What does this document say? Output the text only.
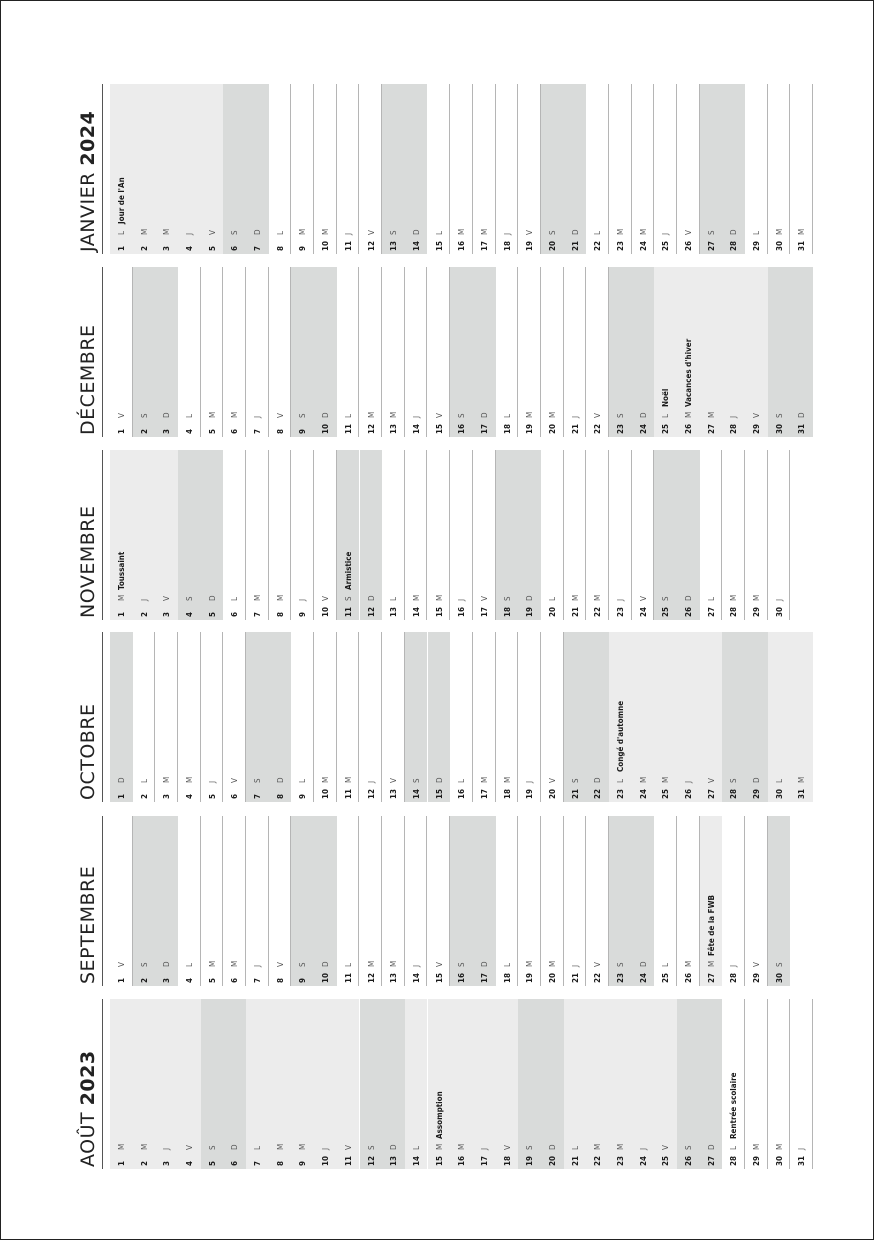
AOÛT 2023
1M
2M
3J
4V
5S
6D
7L
8M
9M
10J
11V
12S
13D
14L
15MAssomption
16M
17J
18V
19S
20D
21L
22M
23M
24J
25V
26S
27D
28LRentrée scolaire
29M
30M
31J
SEPTEMBRE 1V
2S
3D
4L
5M
6M
7J
8V
9S
10D
11L
12M
13M
14J
15V
16S
17D
18L
19M
20M
21J
22V
23S
24D
25L
26M
27MFête de la FWB
28J
29V
30S
OCTOBRE 1D
2L
3M
4M
5J
6V
7S
8D
9L
10M
11M
12J
13V
14S
15D
16L
17M
18M
19J
20V
21S
22D
23LCongé d'automne
24M
25M
26J
27V
28S
29D
30L
31M
NOVEMBRE 1MToussaint
2J
3V
4S
5D
6L
7M
8M
9J
10V
11SArmistice
12D
13L
14M
15M
16J
17V
18S
19D
20L
21M
22M
23J
24V
25S
26D
27L
28M
29M
30J
DÉCEMBRE 1V
2S
3D
4L
5M
6M
7J
8V
9S
10D
11L
12M
13M
14J
15V
16S
17D
18L
19M
20M
21J
22V
23S
24D
25LNoël
26MVacances d'hiver
27M
28J
29V
30S
31D
JANVIER 2024
1LJour de l'An
2M
3M
4J
5V
6S
7D
8L
9M
10M
11J
12V
13S
14D
15L
16M
17M
18J
19V
20S
21D
22L
23M
24M
25J
26V
27S
28D
29L
30M
31M
